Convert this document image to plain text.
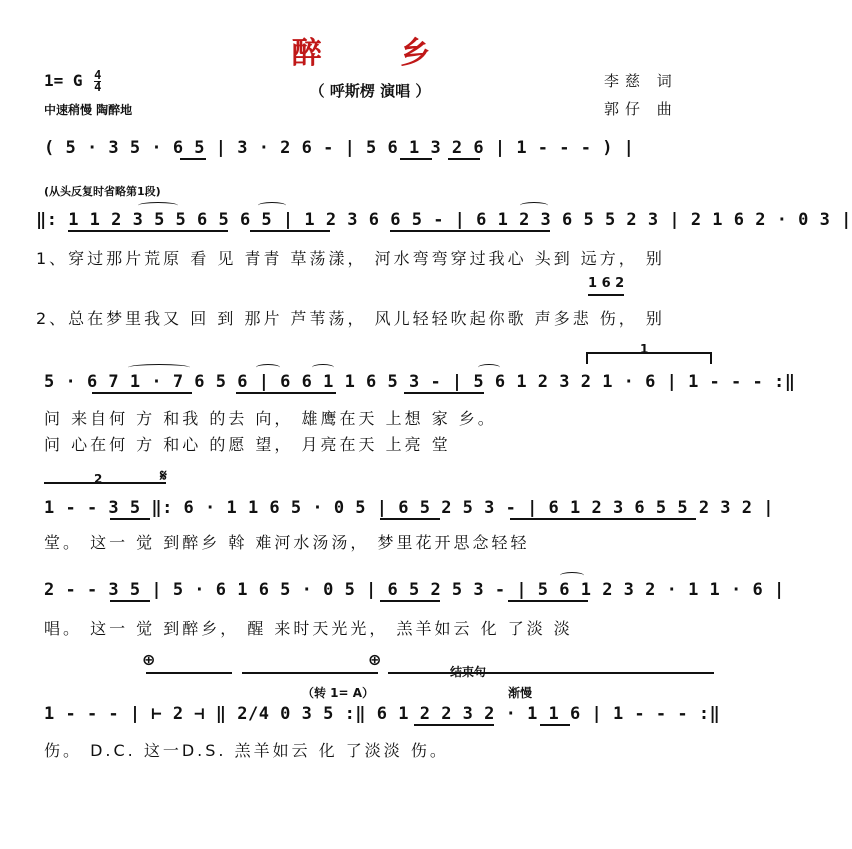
醉 乡
1= G $\frac{4}{4}$	（ 呼斯楞 演唱 ）
中速稍慢 陶醉地
李慈 词
郭仔 曲
( 5 · 3 5 · 6 5 | 3 · 2 6 - | 5 6 1 3 2 6 | 1 - - - ) |
(从头反复时省略第1段)
1 6 2
‖: 1 1 2 3 5 5 6 5 6 5 | 1 2 3 6 6 5 - | 6 1 2 3 6 5 5 2 3 | 2 1 6 2 · 0 3 |
1、穿过那片荒原 看 见 青青 草荡漾， 河水弯弯穿过我心 头到 远方， 别
2、总在梦里我又 回 到 那片 芦苇荡， 风儿轻轻吹起你歌 声多悲 伤， 别
1
5 · 6 7 1 · 7 6 5 6 | 6 6 1 1 6 5 3 - | 5 6 1 2 3 2 1 · 6 | 1 - - - :‖
问 来自何 方 和我 的去 向， 雄鹰在天 上想 家 乡。
问 心在何 方 和心 的愿 望， 月亮在天 上亮 堂
2	𝄋
1 - - 3 5 ‖: 6 · 1 1 6 5 · 0 5 | 6 5 2 5 3 - | 6 1 2 3 6 5 5 2 3 2 |
堂。 这一 觉 到醉乡 斡 难河水汤汤， 梦里花开思念轻轻
2 - - 3 5 | 5 · 6 1 6 5 · 0 5 | 6 5 2 5 3 - | 5 6 1 2 3 2 · 1 1 · 6 |
唱。 这一 觉 到醉乡， 醒 来时天光光， 羔羊如云 化 了淡 淡
⊕	⊕
结束句
（转 1= A）	渐慢
1 - - - | ⊢ 2 ⊣ ‖ 2/4 0 3 5 :‖ 6 1 2 2 3 2 · 1 1 6 | 1 - - - :‖
伤。 D.C. 这一D.S. 羔羊如云 化 了淡淡 伤。
